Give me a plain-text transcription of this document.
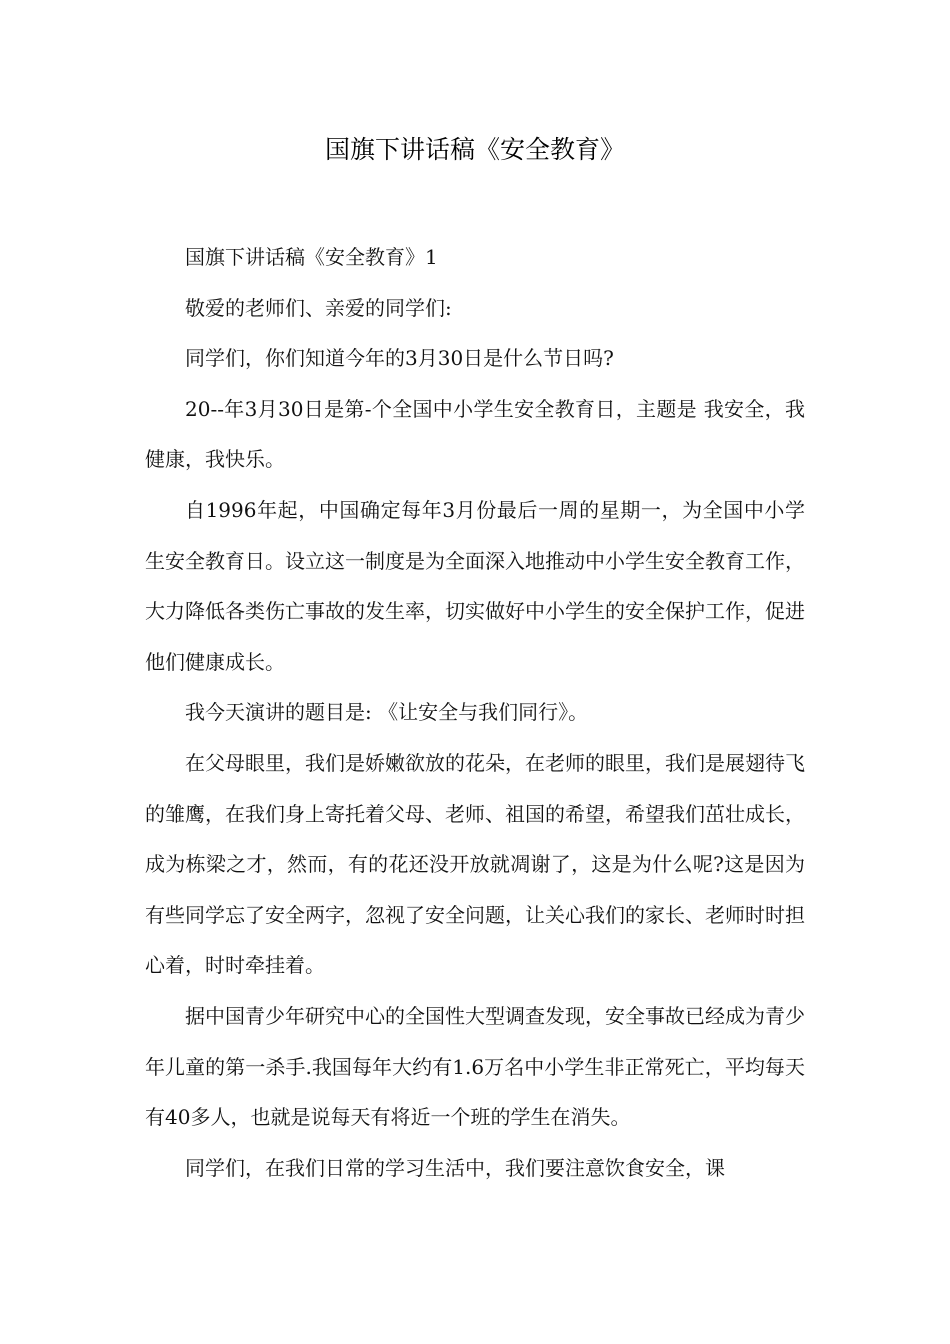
国旗下讲话稿《安全教育》

国旗下讲话稿《安全教育》1

敬爱的老师们、亲爱的同学们:

同学们，你们知道今年的3月30日是什么节日吗?

20--年3月30日是第-个全国中小学生安全教育日，主题是 我安全，我健康，我快乐。

自1996年起，中国确定每年3月份最后一周的星期一，为全国中小学生安全教育日。设立这一制度是为全面深入地推动中小学生安全教育工作，大力降低各类伤亡事故的发生率，切实做好中小学生的安全保护工作，促进他们健康成长。

我今天演讲的题目是: 《让安全与我们同行》。

在父母眼里，我们是娇嫩欲放的花朵，在老师的眼里，我们是展翅待飞的雏鹰，在我们身上寄托着父母、老师、祖国的希望，希望我们茁壮成长，成为栋梁之才，然而，有的花还没开放就凋谢了，这是为什么呢?这是因为有些同学忘了安全两字，忽视了安全问题，让关心我们的家长、老师时时担心着，时时牵挂着。

据中国青少年研究中心的全国性大型调查发现，安全事故已经成为青少年儿童的第一杀手.我国每年大约有1.6万名中小学生非正常死亡，平均每天有40多人，也就是说每天有将近一个班的学生在消失。

同学们，在我们日常的学习生活中，我们要注意饮食安全，课
